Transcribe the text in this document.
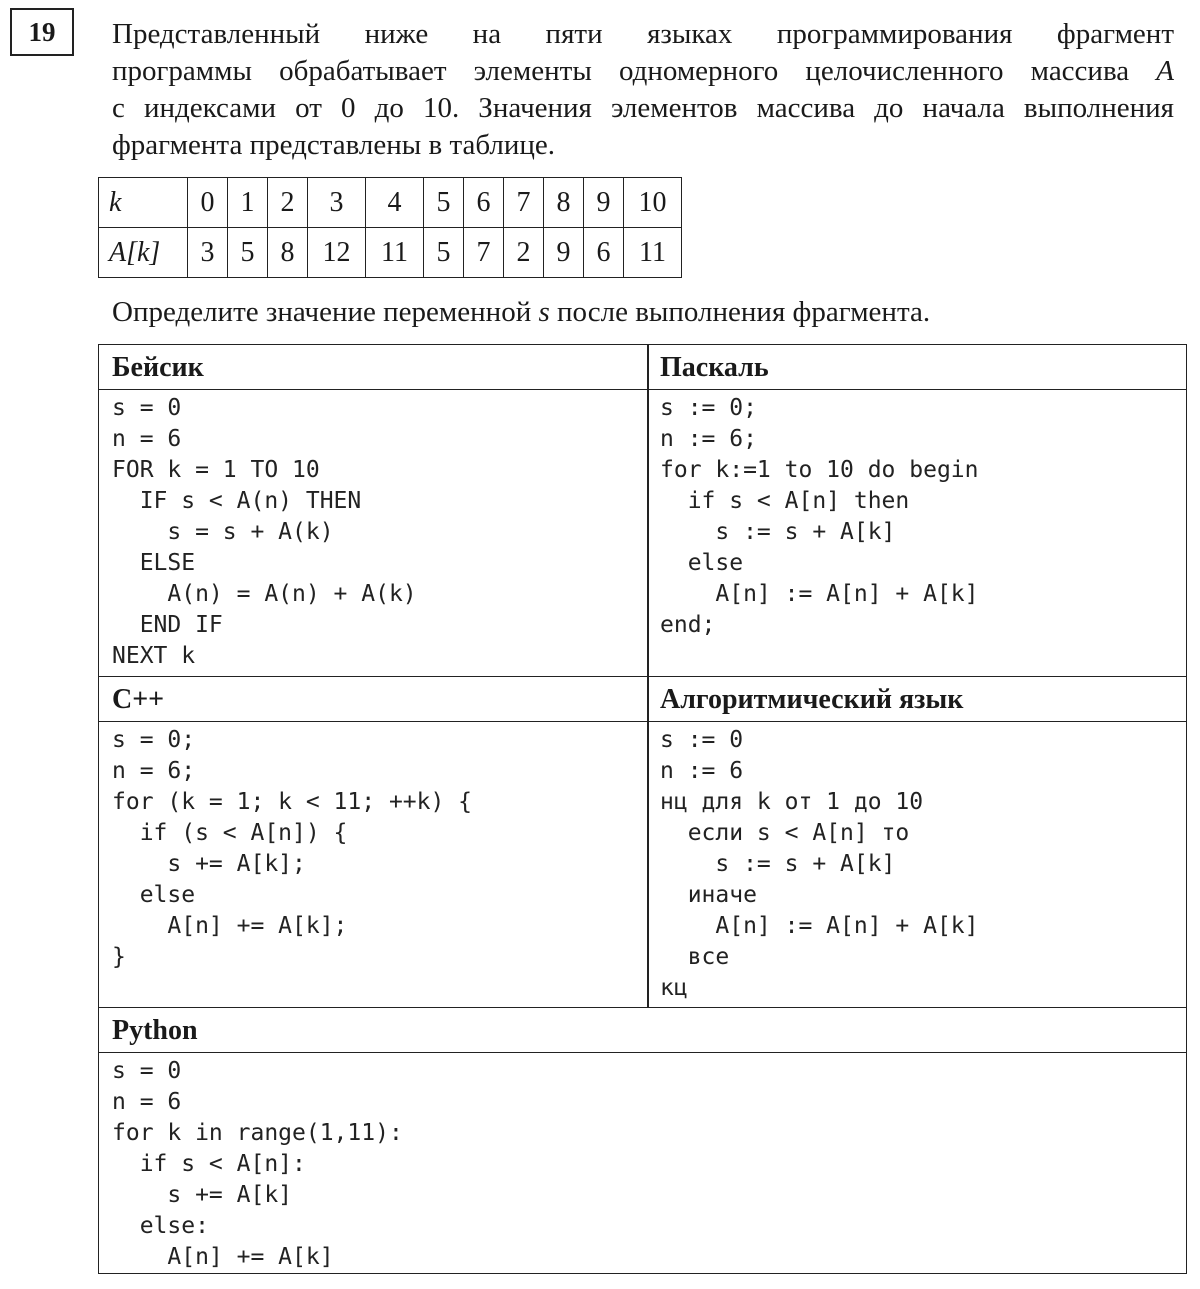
19	Представленный ниже на пяти языках программирования фрагмент
программы обрабатывает элементы одномерного целочисленного массива A
с индексами от 0 до 10. Значения элементов массива до начала выполнения
фрагмента представлены в таблице.
k	0	1	2	3	4	5	6	7	8	9	10
A[k]	3	5	8	12	11	5	7	2	9	6	11
Определите значение переменной s после выполнения фрагмента.
Бейсик
s = 0
n = 6
FOR k = 1 TO 10
IF s < A(n) THEN
s = s + A(k)
ELSE
A(n) = A(n) + A(k)
END IF
NEXT k
Паскаль
s := 0;
n := 6;
for k:=1 to 10 do begin
if s < A[n] then
s := s + A[k]
else
A[n] := A[n] + A[k]
end;
C++
s = 0;
n = 6;
for (k = 1; k < 11; ++k) {
if (s < A[n]) {
s += A[k];
else
A[n] += A[k];
}
Алгоритмический язык
s := 0
n := 6
нц для k от 1 до 10
если s < A[n] то
s := s + A[k]
иначе
A[n] := A[n] + A[k]
все
кц
Python
s = 0
n = 6
for k in range(1,11):
if s < A[n]:
s += A[k]
else:
A[n] += A[k]
